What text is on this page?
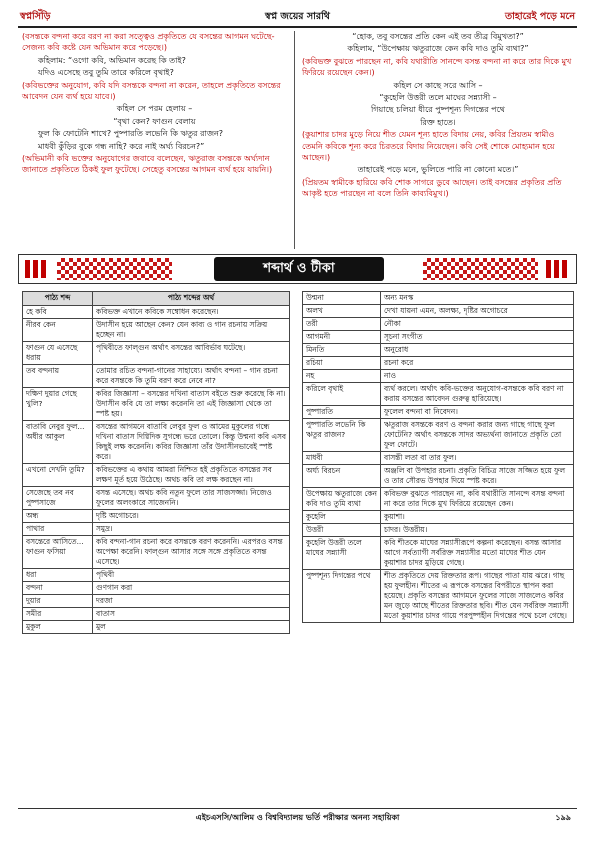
স্বপ্নসিঁড়ি	স্বপ্ন জয়ের সারথি	তাহারেই পড়ে মনে

(বসন্তকে বন্দনা করে বরণ না করা সত্ত্বেও প্রকৃতিতে যে বসন্তের আগমন ঘটেছে- সেজন্য কবি কষ্টে যেন অভিমান করে পড়েছে।)

কহিলাম: “ওগো কবি, অভিমান করেছ কি তাই?

যদিও এসেছে তবু তুমি তারে করিলে বৃথাই?

(কবিভক্তের অনুযোগ, কবি যদি বসন্তকে বন্দনা না করেন, তাহলে প্রকৃতিতে বসন্তের আবেদন যেন ব্যর্থ হয়ে যাবে।)

কহিল সে পরম হেলায় –

“বৃথা কেন? ফাগুন বেলায়

ফুল কি ফোটেনি শাখে? পুষ্পারতি লভেনি কি ঋতুর রাজন?

মাধবী কুঁড়ির বুকে গন্ধ নাহি? করে নাই অর্ঘ্য বিরচন?”

(অভিমানী কবি ভক্তের অনুযোগের জবাবে বলেছেন, ঋতুরাজ বসন্তকে অর্ঘ্যদান জানাতে প্রকৃতিতে ঠিকই ফুল ফুটেছে। সেহেতু বসন্তের আগমন ব্যর্থ হয়ে যায়নি।)

“হোক, তবু বসন্তের প্রতি কেন এই তব তীব্র বিমুখতা?”

কহিলাম, “উপেক্ষায় ঋতুরাজে কেন কবি দাও তুমি ব্যথা?”

(কবিভক্ত বুঝতে পারছেন না, কবি যথারীতি সানন্দে বসন্ত বন্দনা না করে তার দিকে মুখ ফিরিয়ে রয়েছেন কেন।)

কহিল সে কাছে সরে আসি –

“কুহেলি উত্তরী তলে মাঘের সন্ন্যাসী –

গিয়াছে চলিয়া ধীরে পুষ্পশূন্য দিগন্তের পথে

রিক্ত হাতে।

(কুয়াশার চাদর মুড়ে নিয়ে শীত যেমন শূন্য হাতে বিদায় নেয়, কবির প্রিয়তম স্বামীও তেমনি কবিকে শূন্য করে চিরতরে বিদায় নিয়েছেন। কবি সেই শোকে মোহ্যমান হয়ে আছেন।)

তাহারেই পড়ে মনে, ভুলিতে পারি না কোনো মতে।”

(প্রিয়তম স্বামীকে হারিয়ে কবি শোক সাগরে ডুবে আছেন। তাই বসন্তের প্রকৃতির প্রতি আকৃষ্ট হতে পারছেন না বলে তিনি কাব্যবিমুখ।)

শব্দার্থ ও টীকা
পাঠ্য শব্দ	পাঠ্য শব্দের অর্থ
হে কবি	কবিভক্ত এখানে কবিকে সম্বোধন করেছেন।
নীরব কেন	উদাসীন হয়ে আছেন কেন? যেন কাব্য ও গান রচনায় সক্রিয় হচ্ছেন না।
ফাগুন যে এসেছে ধরায়	পৃথিবীতে ফাল্গুন অর্থাৎ বসন্তের আবির্ভাব ঘটেছে।
তব বন্দনায়	তোমার রচিত বন্দনা-গানের সাহায্যে। অর্থাৎ বন্দনা – গান রচনা করে বসন্তকে কি তুমি বরণ করে নেবে না?
দক্ষিণ দুয়ার গেছে খুলি?	কবির জিজ্ঞাসা – বসন্তের দখিনা বাতাস বইতে শুরু করেছে কি না। উদাসীন কবি যে তা লক্ষ্য করেননি তা এই জিজ্ঞাসা থেকে তা স্পষ্ট হয়।
বাতাবি নেবুর ফুল... অধীর আকুল	বসন্তের আগমনে বাতাবি লেবুর ফুল ও আমের মুকুলের গন্ধে দখিনা বাতাস দিগ্বিদিক সুগন্ধে ভরে তোলে। কিন্তু উন্মনা কবি এসব কিছুই লক্ষ করেননি। কবির জিজ্ঞাসা তাঁর উদাসীনভাবেই স্পষ্ট করে।
এখনো দেখনি তুমি?	কবিভক্তের এ কথায় আমরা নিশ্চিত হই প্রকৃতিতে বসন্তের সব লক্ষণ মূর্ত হয়ে উঠেছে। অথচ কবি তা লক্ষ করছেন না।
সেজেছে তব নব পুষ্পসাজে	বসন্ত এসেছে। অথচ কবি নতুন ফুলে তার সাজসজ্জা। নিজেও ফুলের অলংকারে সাজেননি।
অন্ধ	দৃষ্টি অগোচরে।
পাথার	সমুদ্র।
বসন্তেরে আসিতে... ফাগুন ফসিয়া	কবি বন্দনা-গান রচনা করে বসন্তকে বরণ করেননি। এরপরও বসন্ত অপেক্ষা করেনি। ফাল্গুন আসার সঙ্গে সঙ্গে প্রকৃতিতে বসন্ত এসেছে।
ধরা	পৃথিবী
বন্দনা	গুণগান করা
দুয়ার	দরজা
সমীর	বাতাস
মুকুল	মুল
উন্মনা	অন্য মনস্ক
অলখ	দেখা যায়না এমন, অলক্ষ্য, দৃষ্টির অগোচরে
তরী	নৌকা
আগমনী	সূচনা সংগীত
মিনতি	অনুরোধ
রচিয়া	রচনা করে
নহ	নাও
করিলে বৃথাই	ব্যর্থ করলে। অর্থাৎ কবি-ভক্তের অনুযোগ-বসন্তকে কবি বরণ না করায় বসন্তের আবেদন গুরুত্ব হারিয়েছে।
পুষ্পারতি	ফুলেল বন্দনা বা নিবেদন।
পুষ্পারতি লভেনি কি ঋতুর রাজন?	ঋতুরাজ বসন্তকে বরণ ও বন্দনা করার জন্য গাছে গাছে ফুল ফোটেনি? অর্থাৎ বসন্তকে সাদর অভ্যর্থনা জানাতে প্রকৃতি তো ফুল ফোটে।
মাধবী	বাসন্তী লতা বা তার ফুল।
অর্ঘ্য বিরচন	অঞ্জলি বা উপহার রচনা। প্রকৃতি বিচিত্র সাজে সজ্জিত হয়ে ফুল ও তার সৌরভ উপহার দিয়ে স্পষ্ট করে।
উপেক্ষায় ঋতুরাজে কেন কবি দাও তুমি ব্যথা	কবিভক্ত বুঝতে পারছেন না, কবি যথারীতি সানন্দে বসন্ত বন্দনা না করে তার দিকে মুখ ফিরিয়ে রয়েছেন কেন।
কুহেলি	কুয়াশা।
উত্তরী	চাদর। উত্তরীয়।
কুহেলি উত্তরী তলে মাঘের সন্ন্যাসী	কবি শীতকে মাঘের সন্ন্যাসীরূপে কল্পনা করেছেন। বসন্ত আসার আগে সর্বত্যাগী সর্বরিক্ত সন্ন্যাসীর মতো মাঘের শীত যেন কুয়াশার চাদর মুড়িয়ে গেছে।
পুষ্পশূন্য দিগন্তের পথে	শীত প্রকৃতিতে দেয় রিক্ততার রূপ। গাছের পাতা যায় ঝরে। গাছ হয় ফুলহীন। শীতের এ রূপকে বসন্তের বিপরীতে স্থাপন করা হয়েছে। প্রকৃতি বসন্তের আগমনে ফুলের সাজে সাজলেও কবির মন জুড়ে আছে শীতের রিক্ততার ছবি। শীত যেন সর্বরিক্ত সন্ন্যাসী মতো কুয়াশার চাদর গায়ে পরপুষ্পহীন দিগন্তের পথে চলে গেছে।
এইচএসসি/আলিম ও বিশ্ববিদ্যালয় ভর্তি পরীক্ষার অনন্য সহায়িকা	১৯৯
